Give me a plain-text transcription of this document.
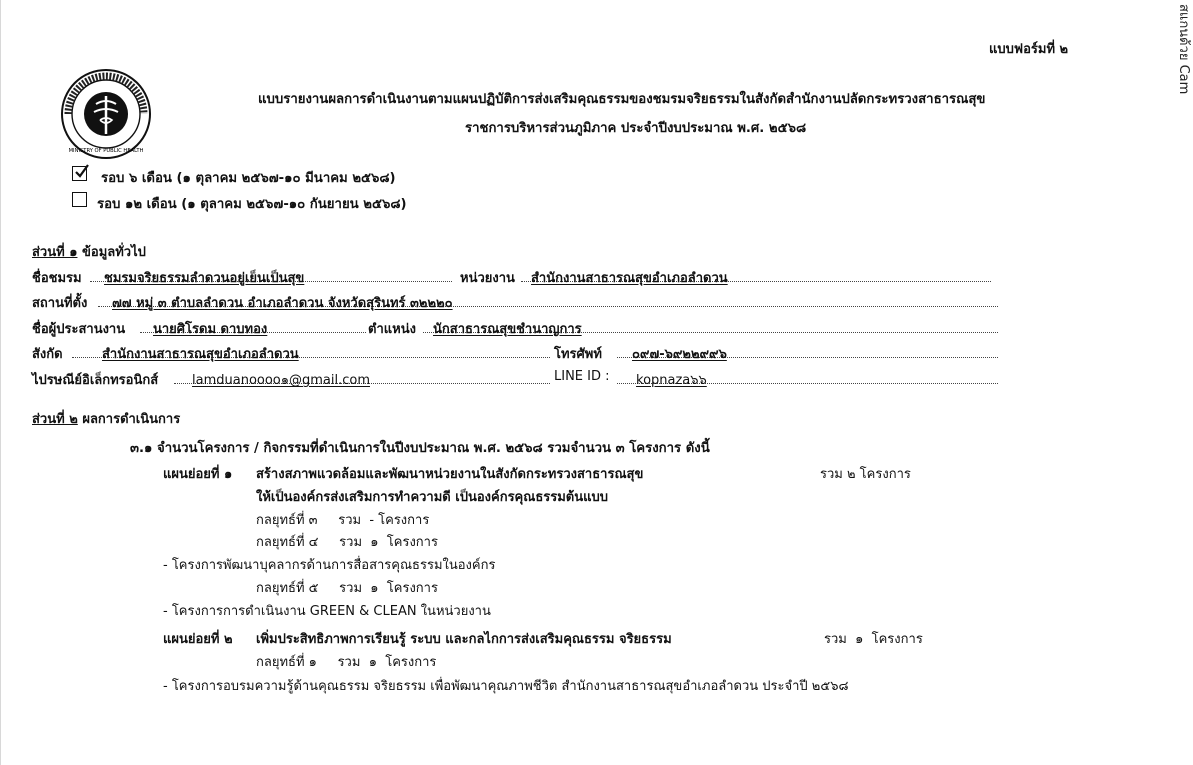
สแกนด้วย Cam
แบบฟอร์มที่ ๒
MINISTRY OF PUBLIC HEALTH
แบบรายงานผลการดำเนินงานตามแผนปฏิบัติการส่งเสริมคุณธรรมของชมรมจริยธรรมในสังกัดสำนักงานปลัดกระทรวงสาธารณสุข
ราชการบริหารส่วนภูมิภาค ประจำปีงบประมาณ พ.ศ. ๒๕๖๘
รอบ ๖ เดือน (๑ ตุลาคม ๒๕๖๗-๑๐ มีนาคม ๒๕๖๘)
รอบ ๑๒ เดือน (๑ ตุลาคม ๒๕๖๗-๑๐ กันยายน ๒๕๖๘)
ส่วนที่ ๑ ข้อมูลทั่วไป
ชื่อชมรม ชมรมจริยธรรมลำดวนอยู่เย็นเป็นสุข	หน่วยงาน สำนักงานสาธารณสุขอำเภอลำดวน
สถานที่ตั้ง ๗๗ หมู่ ๓ ตำบลลำดวน อำเภอลำดวน จังหวัดสุรินทร์ ๓๒๒๒๐
ชื่อผู้ประสานงาน นายศิโรดม ดาบทอง	ตำแหน่ง นักสาธารณสุขชำนาญการ
สังกัด	สำนักงานสาธารณสุขอำเภอลำดวน	โทรศัพท์ ๐๙๗-๖๙๒๒๙๙๖
ไปรษณีย์อิเล็กทรอนิกส์	lamduanoooo๑@gmail.com	LINE ID : kopnaza๖๖
ส่วนที่ ๒ ผลการดำเนินการ
๓.๑ จำนวนโครงการ / กิจกรรมที่ดำเนินการในปีงบประมาณ พ.ศ. ๒๕๖๘ รวมจำนวน ๓ โครงการ ดังนี้
แผนย่อยที่ ๑ สร้างสภาพแวดล้อมและพัฒนาหน่วยงานในสังกัดกระทรวงสาธารณสุข	รวม ๒ โครงการ
ให้เป็นองค์กรส่งเสริมการทำความดี เป็นองค์กรคุณธรรมต้นแบบ
กลยุทธ์ที่ ๓     รวม  - โครงการ
กลยุทธ์ที่ ๔     รวม  ๑  โครงการ
- โครงการพัฒนาบุคลากรด้านการสื่อสารคุณธรรมในองค์กร
กลยุทธ์ที่ ๕     รวม  ๑  โครงการ
- โครงการการดำเนินงาน GREEN & CLEAN ในหน่วยงาน
แผนย่อยที่ ๒ เพิ่มประสิทธิภาพการเรียนรู้ ระบบ และกลไกการส่งเสริมคุณธรรม จริยธรรม	รวม  ๑  โครงการ
กลยุทธ์ที่ ๑     รวม  ๑  โครงการ
- โครงการอบรมความรู้ด้านคุณธรรม จริยธรรม เพื่อพัฒนาคุณภาพชีวิต สำนักงานสาธารณสุขอำเภอลำดวน ประจำปี ๒๕๖๘
